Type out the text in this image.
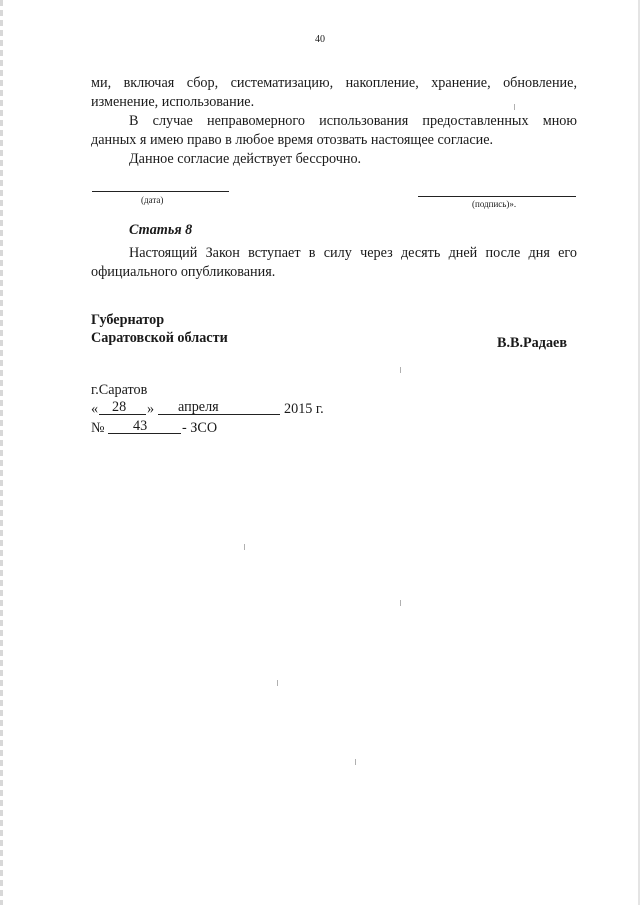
40
ми, включая сбор, систематизацию, накопление, хранение, обновление,
изменение, использование.
В случае неправомерного использования предоставленных мною
данных я имею право в любое время отозвать настоящее согласие.
Данное согласие действует бессрочно.
(дата)	(подпись)».
Статья 8
Настоящий Закон вступает в силу через десять дней после дня его
официального опубликования.
Губернатор
Саратовской области	В.В.Радаев
г.Саратов
« 28 » апреля	2015 г.
№ 43 - ЗСО
